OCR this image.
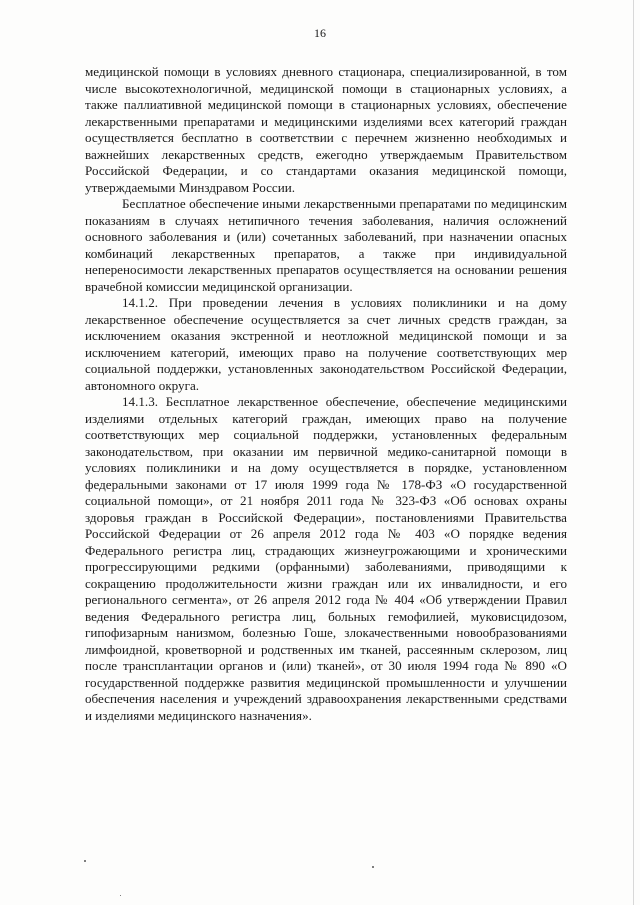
16

медицинской помощи в условиях дневного стационара, специализированной, в том числе высокотехнологичной, медицинской помощи в стационарных условиях, а также паллиативной медицинской помощи в стационарных условиях, обеспечение лекарственными препаратами и медицинскими изделиями всех категорий граждан осуществляется бесплатно в соответствии с перечнем жизненно необходимых и важнейших лекарственных средств, ежегодно утверждаемым Правительством Российской Федерации, и со стандартами оказания медицинской помощи, утверждаемыми Минздравом России.

Бесплатное обеспечение иными лекарственными препаратами по медицинским показаниям в случаях нетипичного течения заболевания, наличия осложнений основного заболевания и (или) сочетанных заболеваний, при назначении опасных комбинаций лекарственных препаратов, а также при индивидуальной непереносимости лекарственных препаратов осуществляется на основании решения врачебной комиссии медицинской организации.

14.1.2. При проведении лечения в условиях поликлиники и на дому лекарственное обеспечение осуществляется за счет личных средств граждан, за исключением оказания экстренной и неотложной медицинской помощи и за исключением категорий, имеющих право на получение соответствующих мер социальной поддержки, установленных законодательством Российской Федерации, автономного округа.

14.1.3. Бесплатное лекарственное обеспечение, обеспечение медицинскими изделиями отдельных категорий граждан, имеющих право на получение соответствующих мер социальной поддержки, установленных федеральным законодательством, при оказании им первичной медико-санитарной помощи в условиях поликлиники и на дому осуществляется в порядке, установленном федеральными законами от 17 июля 1999 года № 178-ФЗ «О государственной социальной помощи», от 21 ноября 2011 года № 323-ФЗ «Об основах охраны здоровья граждан в Российской Федерации», постановлениями Правительства Российской Федерации от 26 апреля 2012 года № 403 «О порядке ведения Федерального регистра лиц, страдающих жизнеугрожающими и хроническими прогрессирующими редкими (орфанными) заболеваниями, приводящими к сокращению продолжительности жизни граждан или их инвалидности, и его регионального сегмента», от 26 апреля 2012 года № 404 «Об утверждении Правил ведения Федерального регистра лиц, больных гемофилией, муковисцидозом, гипофизарным нанизмом, болезнью Гоше, злокачественными новообразованиями лимфоидной, кроветворной и родственных им тканей, рассеянным склерозом, лиц после трансплантации органов и (или) тканей», от 30 июля 1994 года № 890 «О государственной поддержке развития медицинской промышленности и улучшении обеспечения населения и учреждений здравоохранения лекарственными средствами и изделиями медицинского назначения».
